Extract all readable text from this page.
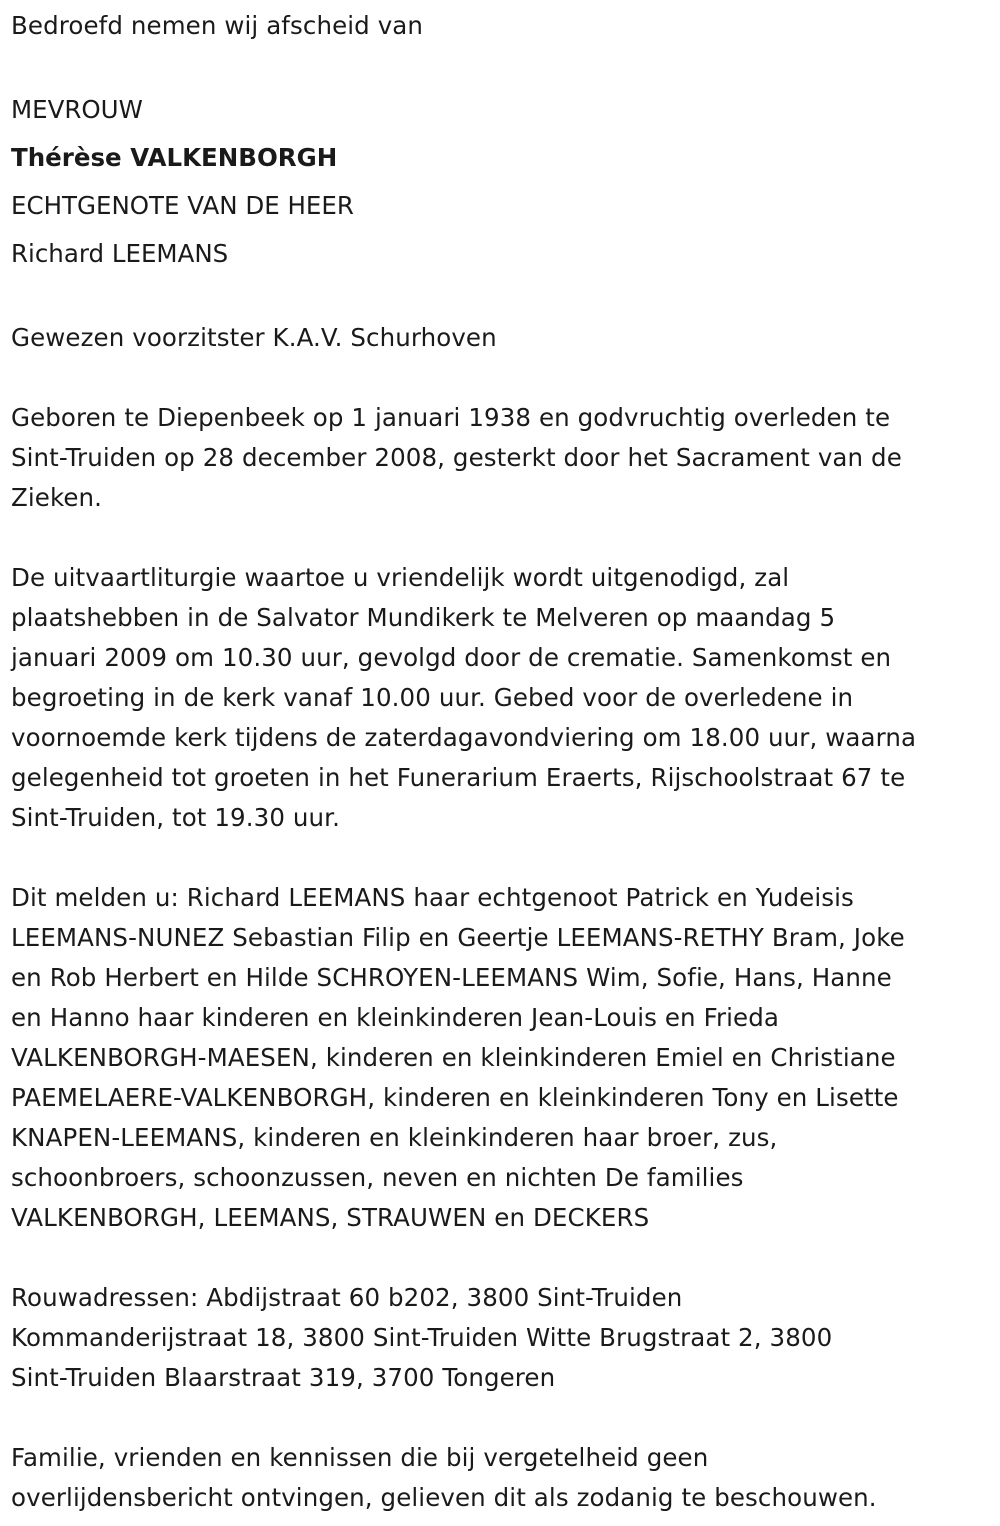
Bedroefd nemen wij afscheid van
MEVROUW
Thérèse VALKENBORGH
ECHTGENOTE VAN DE HEER
Richard LEEMANS
Gewezen voorzitster K.A.V. Schurhoven
Geboren te Diepenbeek op 1 januari 1938 en godvruchtig overleden te
Sint-Truiden op 28 december 2008, gesterkt door het Sacrament van de
Zieken.
De uitvaartliturgie waartoe u vriendelijk wordt uitgenodigd, zal
plaatshebben in de Salvator Mundikerk te Melveren op maandag 5
januari 2009 om 10.30 uur, gevolgd door de crematie. Samenkomst en
begroeting in de kerk vanaf 10.00 uur. Gebed voor de overledene in
voornoemde kerk tijdens de zaterdagavondviering om 18.00 uur, waarna
gelegenheid tot groeten in het Funerarium Eraerts, Rijschoolstraat 67 te
Sint-Truiden, tot 19.30 uur.
Dit melden u: Richard LEEMANS haar echtgenoot Patrick en Yudeisis
LEEMANS-NUNEZ Sebastian Filip en Geertje LEEMANS-RETHY Bram, Joke
en Rob Herbert en Hilde SCHROYEN-LEEMANS Wim, Sofie, Hans, Hanne
en Hanno haar kinderen en kleinkinderen Jean-Louis en Frieda
VALKENBORGH-MAESEN, kinderen en kleinkinderen Emiel en Christiane
PAEMELAERE-VALKENBORGH, kinderen en kleinkinderen Tony en Lisette
KNAPEN-LEEMANS, kinderen en kleinkinderen haar broer, zus,
schoonbroers, schoonzussen, neven en nichten De families
VALKENBORGH, LEEMANS, STRAUWEN en DECKERS
Rouwadressen: Abdijstraat 60 b202, 3800 Sint-Truiden
Kommanderijstraat 18, 3800 Sint-Truiden Witte Brugstraat 2, 3800
Sint-Truiden Blaarstraat 319, 3700 Tongeren
Familie, vrienden en kennissen die bij vergetelheid geen
overlijdensbericht ontvingen, gelieven dit als zodanig te beschouwen.
